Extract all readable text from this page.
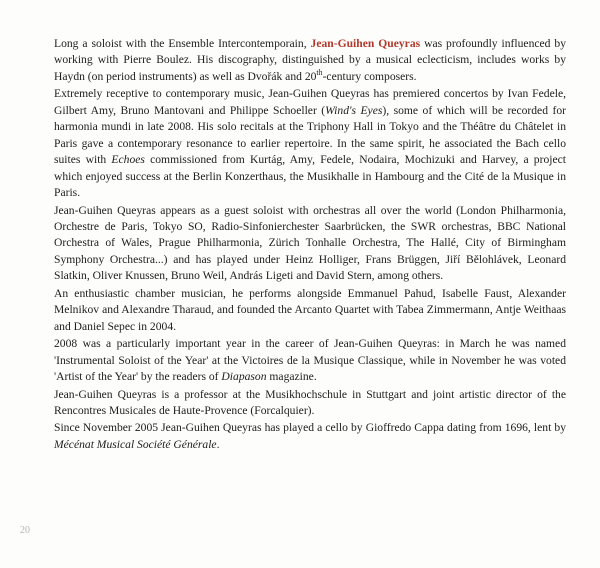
Long a soloist with the Ensemble Intercontemporain, Jean-Guihen Queyras was profoundly influenced by working with Pierre Boulez. His discography, distinguished by a musical eclecticism, includes works by Haydn (on period instruments) as well as Dvořák and 20th-century composers.
Extremely receptive to contemporary music, Jean-Guihen Queyras has premiered concertos by Ivan Fedele, Gilbert Amy, Bruno Mantovani and Philippe Schoeller (Wind's Eyes), some of which will be recorded for harmonia mundi in late 2008. His solo recitals at the Triphony Hall in Tokyo and the Théâtre du Châtelet in Paris gave a contemporary resonance to earlier repertoire. In the same spirit, he associated the Bach cello suites with Echoes commissioned from Kurtág, Amy, Fedele, Nodaira, Mochizuki and Harvey, a project which enjoyed success at the Berlin Konzerthaus, the Musikhalle in Hambourg and the Cité de la Musique in Paris.
Jean-Guihen Queyras appears as a guest soloist with orchestras all over the world (London Philharmonia, Orchestre de Paris, Tokyo SO, Radio-Sinfonierchester Saarbrücken, the SWR orchestras, BBC National Orchestra of Wales, Prague Philharmonia, Zürich Tonhalle Orchestra, The Hallé, City of Birmingham Symphony Orchestra...) and has played under Heinz Holliger, Frans Brüggen, Jiří Bělohlávek, Leonard Slatkin, Oliver Knussen, Bruno Weil, András Ligeti and David Stern, among others.
An enthusiastic chamber musician, he performs alongside Emmanuel Pahud, Isabelle Faust, Alexander Melnikov and Alexandre Tharaud, and founded the Arcanto Quartet with Tabea Zimmermann, Antje Weithaas and Daniel Sepec in 2004.
2008 was a particularly important year in the career of Jean-Guihen Queyras: in March he was named 'Instrumental Soloist of the Year' at the Victoires de la Musique Classique, while in November he was voted 'Artist of the Year' by the readers of Diapason magazine.
Jean-Guihen Queyras is a professor at the Musikhochschule in Stuttgart and joint artistic director of the Rencontres Musicales de Haute-Provence (Forcalquier).
Since November 2005 Jean-Guihen Queyras has played a cello by Gioffredo Cappa dating from 1696, lent by Mécénat Musical Société Générale.
20
